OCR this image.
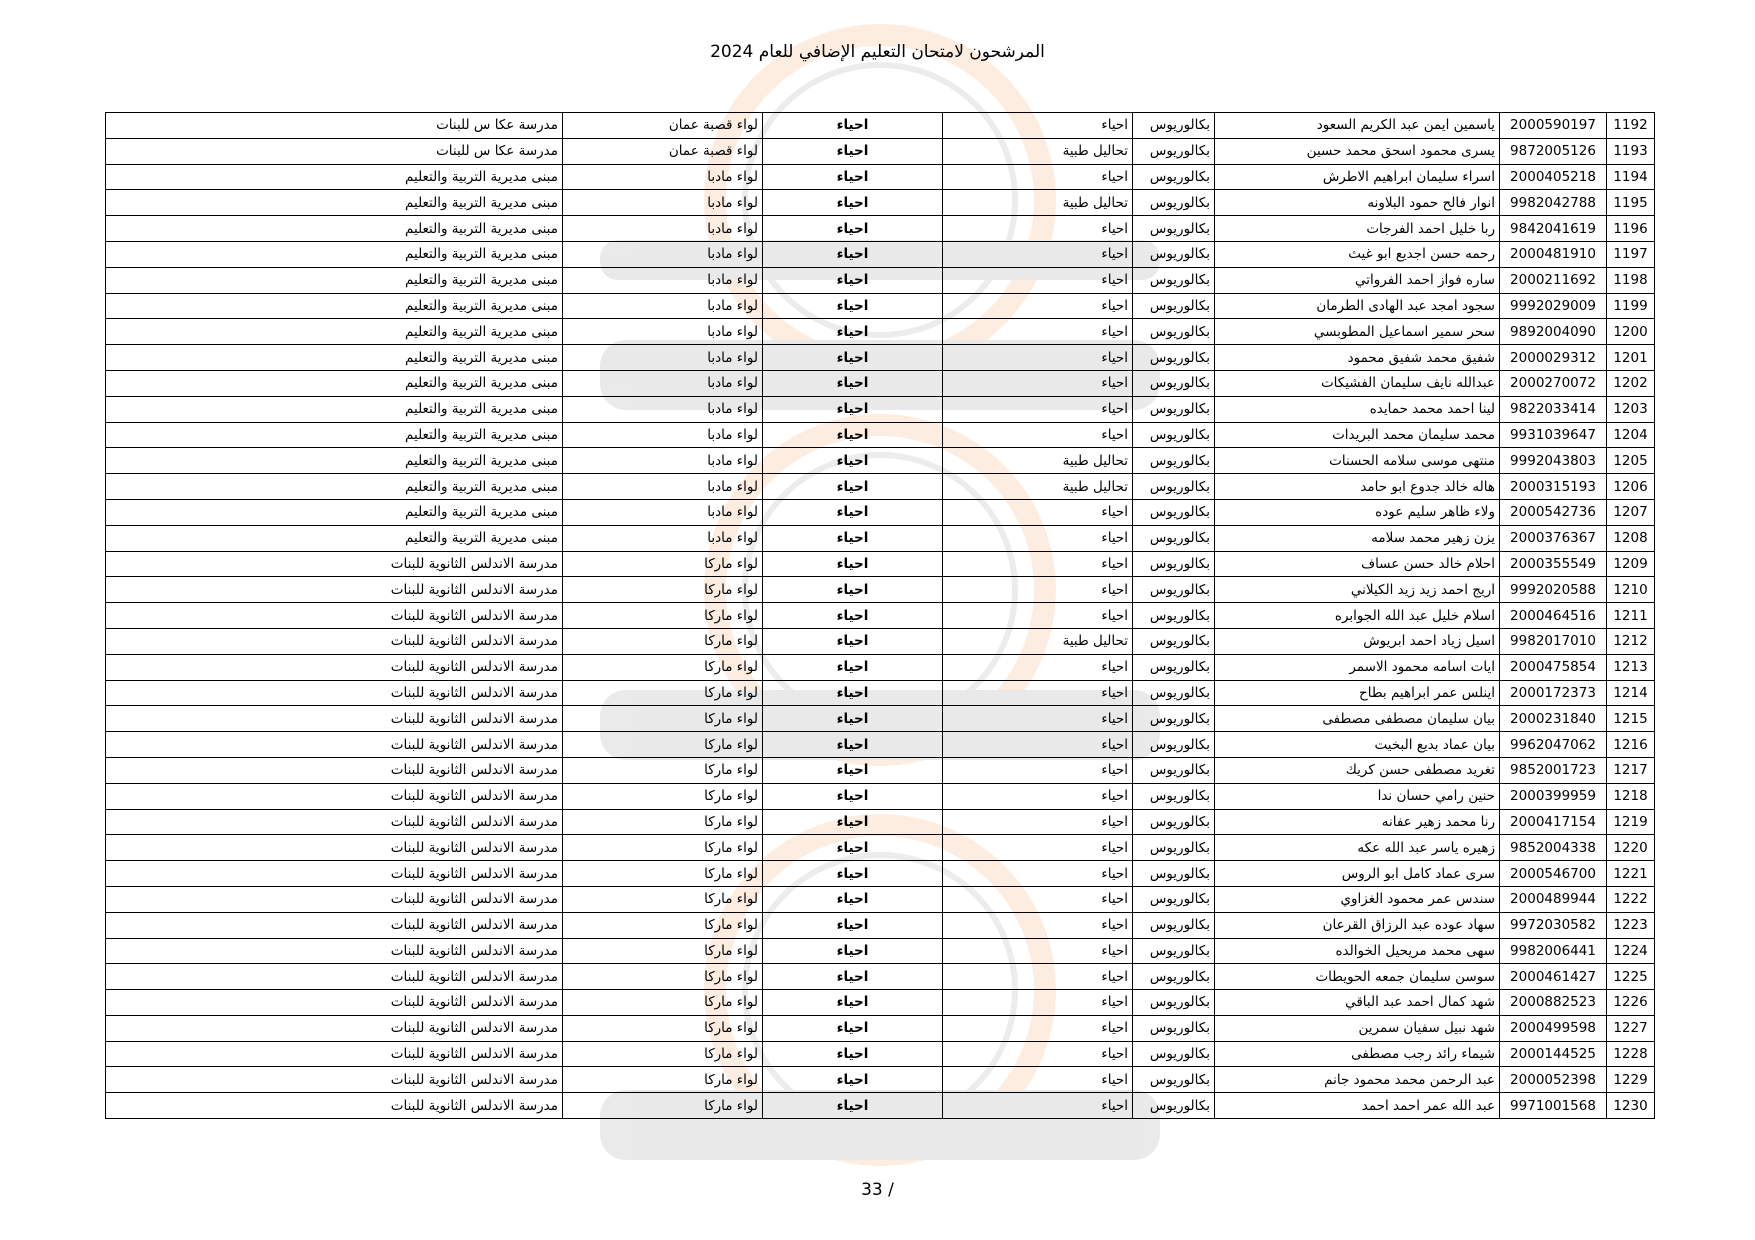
المرشحون لامتحان التعليم الإضافي للعام 2024
1192	2000590197	ياسمين ايمن عبد الكريم السعود	بكالوريوس	احياء	احياء	لواء قصبة عمان	مدرسة عكا س للبنات
1193	9872005126	يسرى محمود اسحق محمد حسين	بكالوريوس	تحاليل طبية	احياء	لواء قصبة عمان	مدرسة عكا س للبنات
1194	2000405218	اسراء سليمان ابراهيم الاطرش	بكالوريوس	احياء	احياء	لواء مادبا	مبنى مديرية التربية والتعليم
1195	9982042788	انوار فالح حمود البلاونه	بكالوريوس	تحاليل طبية	احياء	لواء مادبا	مبنى مديرية التربية والتعليم
1196	9842041619	ربا خليل احمد الفرجات	بكالوريوس	احياء	احياء	لواء مادبا	مبنى مديرية التربية والتعليم
1197	2000481910	رحمه حسن اجديع ابو غيث	بكالوريوس	احياء	احياء	لواء مادبا	مبنى مديرية التربية والتعليم
1198	2000211692	ساره فواز احمد الفرواتي	بكالوريوس	احياء	احياء	لواء مادبا	مبنى مديرية التربية والتعليم
1199	9992029009	سجود امجد عبد الهادى الطرمان	بكالوريوس	احياء	احياء	لواء مادبا	مبنى مديرية التربية والتعليم
1200	9892004090	سحر سمير اسماعيل المطوبسي	بكالوريوس	احياء	احياء	لواء مادبا	مبنى مديرية التربية والتعليم
1201	2000029312	شفيق محمد شفيق محمود	بكالوريوس	احياء	احياء	لواء مادبا	مبنى مديرية التربية والتعليم
1202	2000270072	عبدالله نايف سليمان الفشيكات	بكالوريوس	احياء	احياء	لواء مادبا	مبنى مديرية التربية والتعليم
1203	9822033414	لينا احمد محمد حمايده	بكالوريوس	احياء	احياء	لواء مادبا	مبنى مديرية التربية والتعليم
1204	9931039647	محمد سليمان محمد البريدات	بكالوريوس	احياء	احياء	لواء مادبا	مبنى مديرية التربية والتعليم
1205	9992043803	منتهى موسى سلامه الحسنات	بكالوريوس	تحاليل طبية	احياء	لواء مادبا	مبنى مديرية التربية والتعليم
1206	2000315193	هاله خالد جدوع ابو حامد	بكالوريوس	تحاليل طبية	احياء	لواء مادبا	مبنى مديرية التربية والتعليم
1207	2000542736	ولاء ظاهر سليم عوده	بكالوريوس	احياء	احياء	لواء مادبا	مبنى مديرية التربية والتعليم
1208	2000376367	يزن زهير محمد سلامه	بكالوريوس	احياء	احياء	لواء مادبا	مبنى مديرية التربية والتعليم
1209	2000355549	احلام خالد حسن عساف	بكالوريوس	احياء	احياء	لواء ماركا	مدرسة الاندلس الثانوية للبنات
1210	9992020588	اريج احمد زيد زيد الكيلاني	بكالوريوس	احياء	احياء	لواء ماركا	مدرسة الاندلس الثانوية للبنات
1211	2000464516	اسلام خليل عبد الله الجوابره	بكالوريوس	احياء	احياء	لواء ماركا	مدرسة الاندلس الثانوية للبنات
1212	9982017010	اسيل زياد احمد ابريوش	بكالوريوس	تحاليل طبية	احياء	لواء ماركا	مدرسة الاندلس الثانوية للبنات
1213	2000475854	ايات اسامه محمود الاسمر	بكالوريوس	احياء	احياء	لواء ماركا	مدرسة الاندلس الثانوية للبنات
1214	2000172373	اينلس عمر ابراهيم بطاح	بكالوريوس	احياء	احياء	لواء ماركا	مدرسة الاندلس الثانوية للبنات
1215	2000231840	بيان سليمان مصطفى مصطفى	بكالوريوس	احياء	احياء	لواء ماركا	مدرسة الاندلس الثانوية للبنات
1216	9962047062	بيان عماد بديع البخيت	بكالوريوس	احياء	احياء	لواء ماركا	مدرسة الاندلس الثانوية للبنات
1217	9852001723	تغريد مصطفى حسن كريك	بكالوريوس	احياء	احياء	لواء ماركا	مدرسة الاندلس الثانوية للبنات
1218	2000399959	حنين رامي حسان ندا	بكالوريوس	احياء	احياء	لواء ماركا	مدرسة الاندلس الثانوية للبنات
1219	2000417154	رنا محمد زهير عفانه	بكالوريوس	احياء	احياء	لواء ماركا	مدرسة الاندلس الثانوية للبنات
1220	9852004338	زهيره ياسر عبد الله عكه	بكالوريوس	احياء	احياء	لواء ماركا	مدرسة الاندلس الثانوية للبنات
1221	2000546700	سرى عماد كامل ابو الروس	بكالوريوس	احياء	احياء	لواء ماركا	مدرسة الاندلس الثانوية للبنات
1222	2000489944	سندس عمر محمود الغزاوي	بكالوريوس	احياء	احياء	لواء ماركا	مدرسة الاندلس الثانوية للبنات
1223	9972030582	سهاد عوده عبد الرزاق القرعان	بكالوريوس	احياء	احياء	لواء ماركا	مدرسة الاندلس الثانوية للبنات
1224	9982006441	سهى محمد مريحيل الخوالده	بكالوريوس	احياء	احياء	لواء ماركا	مدرسة الاندلس الثانوية للبنات
1225	2000461427	سوسن سليمان جمعه الحويطات	بكالوريوس	احياء	احياء	لواء ماركا	مدرسة الاندلس الثانوية للبنات
1226	2000882523	شهد كمال احمد عبد الباقي	بكالوريوس	احياء	احياء	لواء ماركا	مدرسة الاندلس الثانوية للبنات
1227	2000499598	شهد نبيل سفيان سمرين	بكالوريوس	احياء	احياء	لواء ماركا	مدرسة الاندلس الثانوية للبنات
1228	2000144525	شيماء رائد رجب مصطفى	بكالوريوس	احياء	احياء	لواء ماركا	مدرسة الاندلس الثانوية للبنات
1229	2000052398	عبد الرحمن محمد محمود جانم	بكالوريوس	احياء	احياء	لواء ماركا	مدرسة الاندلس الثانوية للبنات
1230	9971001568	عبد الله عمر احمد احمد	بكالوريوس	احياء	احياء	لواء ماركا	مدرسة الاندلس الثانوية للبنات
33 /
